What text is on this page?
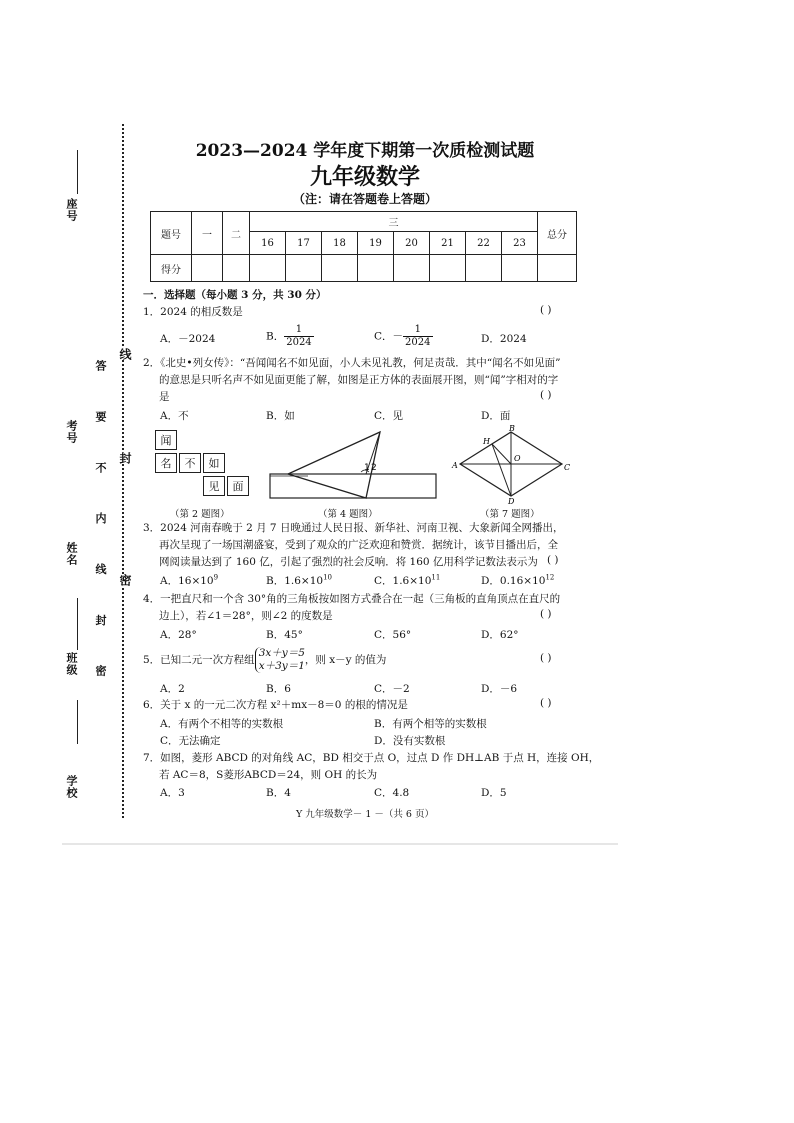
座号
考号
姓名
班级
学校
答 要 不 内 线 封 密
线
封
密
2023—2024 学年度下期第一次质检测试题
九年级数学
（注：请在答题卷上答题）
题号	一	二	三								总分
			16	17	18	19	20	21	22	23	
得分											
一．选择题（每小题 3 分，共 30 分）
1．2024 的相反数是	( )
A．－2024	B． $\frac{1}{2024}$	C．－ $\frac{1}{2024}$	D．2024
2．《北史•列女传》：“吾闻闻名不如见面，小人未见礼教，何足责哉．其中“闻名不如见面”
的意思是只听名声不如见面更能了解，如图是正方体的表面展开图，则“闻”字相对的字
是	( )
A．不	B．如	C．见	D．面
闻
名	不	如
见	面
1 2	A
B
C
D
H
O
（第 2 题图）	（第 4 题图）	（第 7 题图）
3．2024 河南春晚于 2 月 7 日晚通过人民日报、新华社、河南卫视、大象新闻全网播出，
再次呈现了一场国潮盛宴，受到了观众的广泛欢迎和赞赏．据统计，该节目播出后，全
网阅读量达到了 160 亿，引起了强烈的社会反响．将 160 亿用科学记数法表示为 ( )
A．$16\times 10^9$	B．$1.6\times 10^{10}$	C．$1.6\times 10^{11}$	D．$0.16\times 10^{12}$
4．一把直尺和一个含 30°角的三角板按如图方式叠合在一起（三角板的直角顶点在直尺的
边上），若∠1＝28°，则∠2 的度数是	( )
A．28°	B．45°	C．56°	D．62°
5．已知二元一次方程组
3x＋y＝5
x＋3y＝1 ，则 x－y 的值为	( )
A．2	B．6	C．－2	D．－6
6．关于 x 的一元二次方程 x²＋mx－8＝0 的根的情况是	( )
A．有两个不相等的实数根	B．有两个相等的实数根
C．无法确定	D．没有实数根
7．如图，菱形 ABCD 的对角线 AC，BD 相交于点 O，过点 D 作 DH⊥AB 于点 H，连接 OH，
若 AC＝8，S菱形ABCD＝24，则 OH 的长为
A．3	B．4	C．4.8	D．5
Y 九年级数学－ 1 －（共 6 页）
